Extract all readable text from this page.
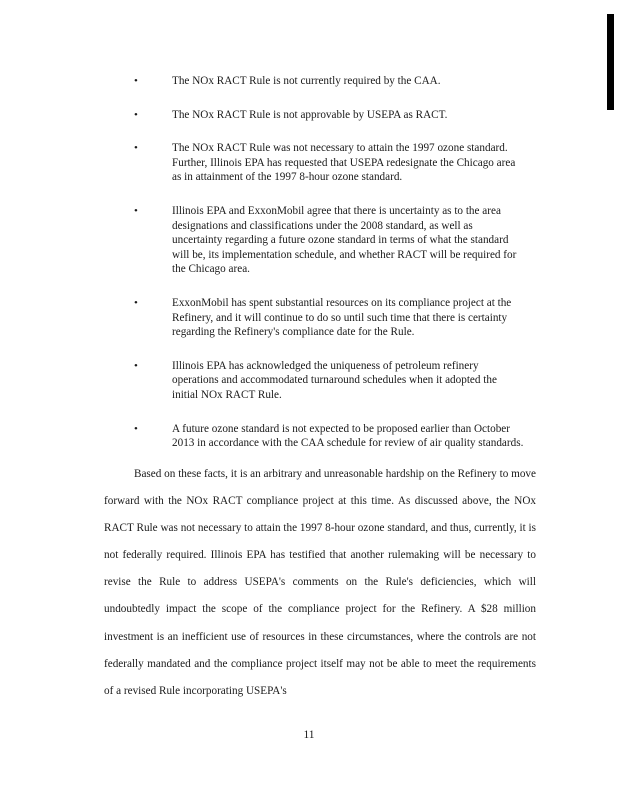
•	The NOx RACT Rule is not currently required by the CAA.
•	The NOx RACT Rule is not approvable by USEPA as RACT.
•	The NOx RACT Rule was not necessary to attain the 1997 ozone standard. Further, Illinois EPA has requested that USEPA redesignate the Chicago area as in attainment of the 1997 8-hour ozone standard.
•	Illinois EPA and ExxonMobil agree that there is uncertainty as to the area designations and classifications under the 2008 standard, as well as uncertainty regarding a future ozone standard in terms of what the standard will be, its implementation schedule, and whether RACT will be required for the Chicago area.
•	ExxonMobil has spent substantial resources on its compliance project at the Refinery, and it will continue to do so until such time that there is certainty regarding the Refinery's compliance date for the Rule.
•	Illinois EPA has acknowledged the uniqueness of petroleum refinery operations and accommodated turnaround schedules when it adopted the initial NOx RACT Rule.
•	A future ozone standard is not expected to be proposed earlier than October 2013 in accordance with the CAA schedule for review of air quality standards.

Based on these facts, it is an arbitrary and unreasonable hardship on the Refinery to move forward with the NOx RACT compliance project at this time. As discussed above, the NOx RACT Rule was not necessary to attain the 1997 8-hour ozone standard, and thus, currently, it is not federally required. Illinois EPA has testified that another rulemaking will be necessary to revise the Rule to address USEPA's comments on the Rule's deficiencies, which will undoubtedly impact the scope of the compliance project for the Refinery. A $28 million investment is an inefficient use of resources in these circumstances, where the controls are not federally mandated and the compliance project itself may not be able to meet the requirements of a revised Rule incorporating USEPA's

11
